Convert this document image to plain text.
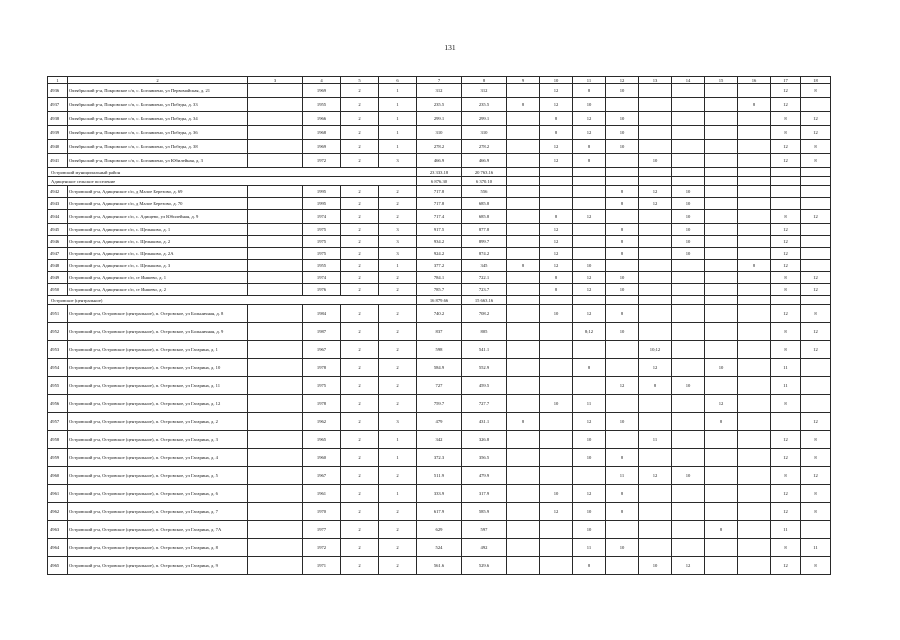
131
1	2	3	4	5	6	7	8	9	10	11	12	13	14	15	16	17	18
4936	Октябрьский р-н, Покровское с/п, с. Богоявлено, ул Первомайская, д. 21		1969	2	1	312	312		12	8	10					12	8
4937	Октябрьский р-н, Покровское с/п, с. Богоявлено, ул Победы, д. 33		1955	2	1	235.5	235.5	8	12	10					8	12	
4938	Октябрьский р-н, Покровское с/п, с. Богоявлено, ул Победы, д. 34		1966	2	1	299.1	299.1		8	12	10					8	12
4939	Октябрьский р-н, Покровское с/п, с. Богоявлено, ул Победы, д. 36		1968	2	1	310	310		8	12	10					8	12
4940	Октябрьский р-н, Покровское с/п, с. Богоявлено, ул Победы, д. 38		1969	2	1	278.2	278.2		12	8	10					12	8
4941	Октябрьский р-н, Покровское с/п, с. Богоявлено, ул Юбилейная, д. 3		1972	2	3	466.9	466.9		12	8		10				12	8
Островский муниципальный район						23 333.18	20 763.16										
Адищенское сельское поселение						6 876.30	6 370.10										
4942	Островский р-н, Адищенское с/п, д Малое Березово, д. 69		1995	2	2	717.8	556				8	12	10				
4943	Островский р-н, Адищенское с/п, д Малое Березово, д. 70		1995	2	2	717.8	685.8				8	12	10				
4944	Островский р-н, Адищенское с/п, с. Адищево, ул Юбилейная, д. 9		1974	2	2	717.4	685.8		8	12			10			8	12
4945	Островский р-н, Адищенское с/п, с. Щелыково, д. 1		1975	2	3	917.5	877.8		12		8		10			12	
4946	Островский р-н, Адищенское с/п, с. Щелыково, д. 2		1975	2	3	934.2	899.7		12		8		10			12	
4947	Островский р-н, Адищенское с/п, с. Щелыково, д. 2А		1975	2	3	924.2	874.2		12		8		10			12	
4948	Островский р-н, Адищенское с/п, с. Щелыково, д. 3		1955	2	1	377.2	345	8	12	10					8	12	
4949	Островский р-н, Адищенское с/п, ст Иншево, д. 1		1974	2	2	784.1	722.1		8	12	10					8	12
4950	Островский р-н, Адищенское с/п, ст Иншево, д. 2		1976	2	2	785.7	723.7		8	12	10					8	12
Островское (центральное)						16 879.66	15 663.16										
4951	Островский р-н, Островское (центральное), п. Островское, ул Больничная, д. 8		1984	2	2	740.2	708.2		10	12	8					12	8
4952	Островский р-н, Островское (центральное), п. Островское, ул Больничная, д. 9		1987	2	2	837	805			8;12	10					8	12
4953	Островский р-н, Островское (центральное), п. Островское, ул Гагарина, д. 1		1967	2	2	598	541.1					10;12				8	12
4954	Островский р-н, Островское (центральное), п. Островское, ул Гагарина, д. 10		1978	2	2	584.9	552.9			8		12		10		11	
4955	Островский р-н, Островское (центральное), п. Островское, ул Гагарина, д. 11		1975	2	2	727	459.5				12	8	10			11	
4956	Островский р-н, Островское (центральное), п. Островское, ул Гагарина, д. 12		1978	2	2	759.7	727.7		10	11				12		8	
4957	Островский р-н, Островское (центральное), п. Островское, ул Гагарина, д. 2		1962	2	3	479	431.1	8		12	10			8			12
4958	Островский р-н, Островское (центральное), п. Островское, ул Гагарина, д. 3		1965	2	1	342	326.8			10		11				12	8
4959	Островский р-н, Островское (центральное), п. Островское, ул Гагарина, д. 4		1960	2	1	372.3	356.5			10	8					12	8
4960	Островский р-н, Островское (центральное), п. Островское, ул Гагарина, д. 5		1967	2	2	511.9	479.9				11	12	10			8	12
4961	Островский р-н, Островское (центральное), п. Островское, ул Гагарина, д. 6		1961	2	1	333.9	317.9		10	12	8					12	8
4962	Островский р-н, Островское (центральное), п. Островское, ул Гагарина, д. 7		1970	2	2	617.9	585.9		12	10	8					12	8
4963	Островский р-н, Островское (центральное), п. Островское, ул Гагарина, д. 7А		1977	2	2	629	597			10				8		11	
4964	Островский р-н, Островское (центральное), п. Островское, ул Гагарина, д. 8		1972	2	2	524	492			11	10					8	11
4965	Островский р-н, Островское (центральное), п. Островское, ул Гагарина, д. 9		1971	2	2	561.6	529.6			8		10	12			12	8
